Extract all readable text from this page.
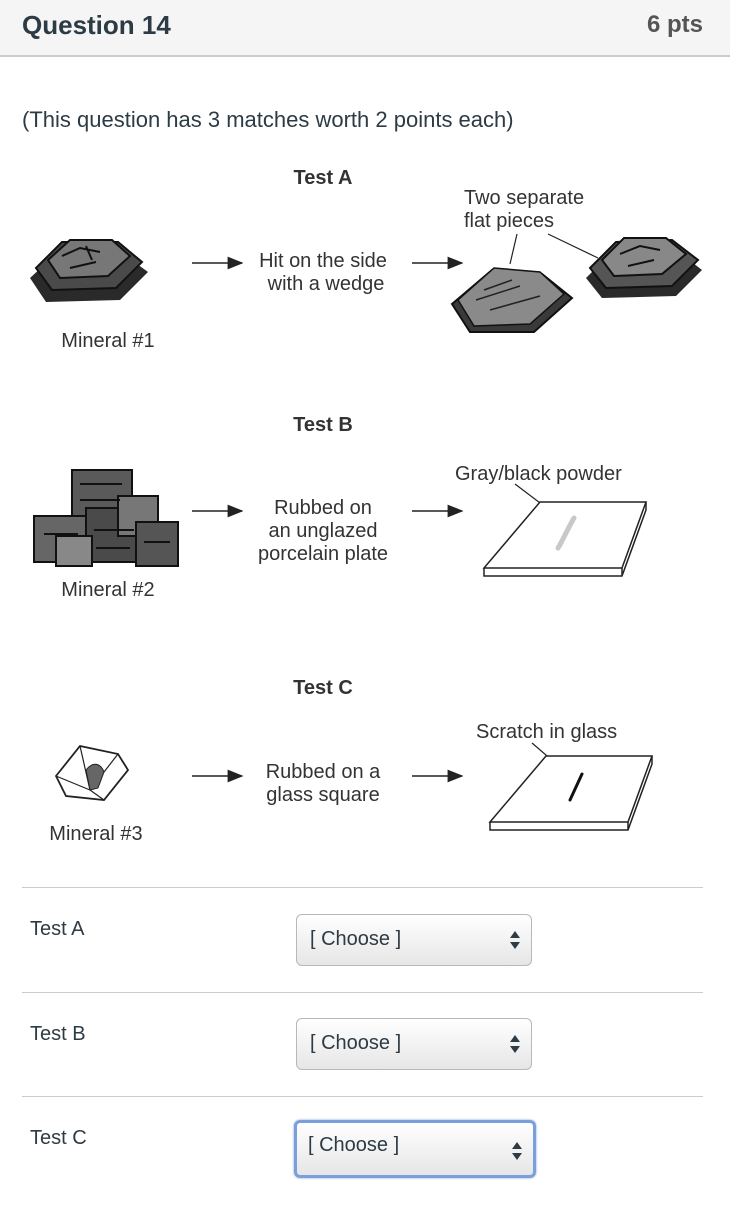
Question 14	6 pts
(This question has 3 matches worth 2 points each)
Test A
Mineral #1
Hit on the side
with a wedge
Two separate
flat pieces
Test B
Mineral #2
Rubbed on
an unglazed
porcelain plate
Gray/black powder
Test C
Mineral #3
Rubbed on a
glass square
Scratch in glass
Test A	[ Choose ]
Test B	[ Choose ]
Test C	[ Choose ]
